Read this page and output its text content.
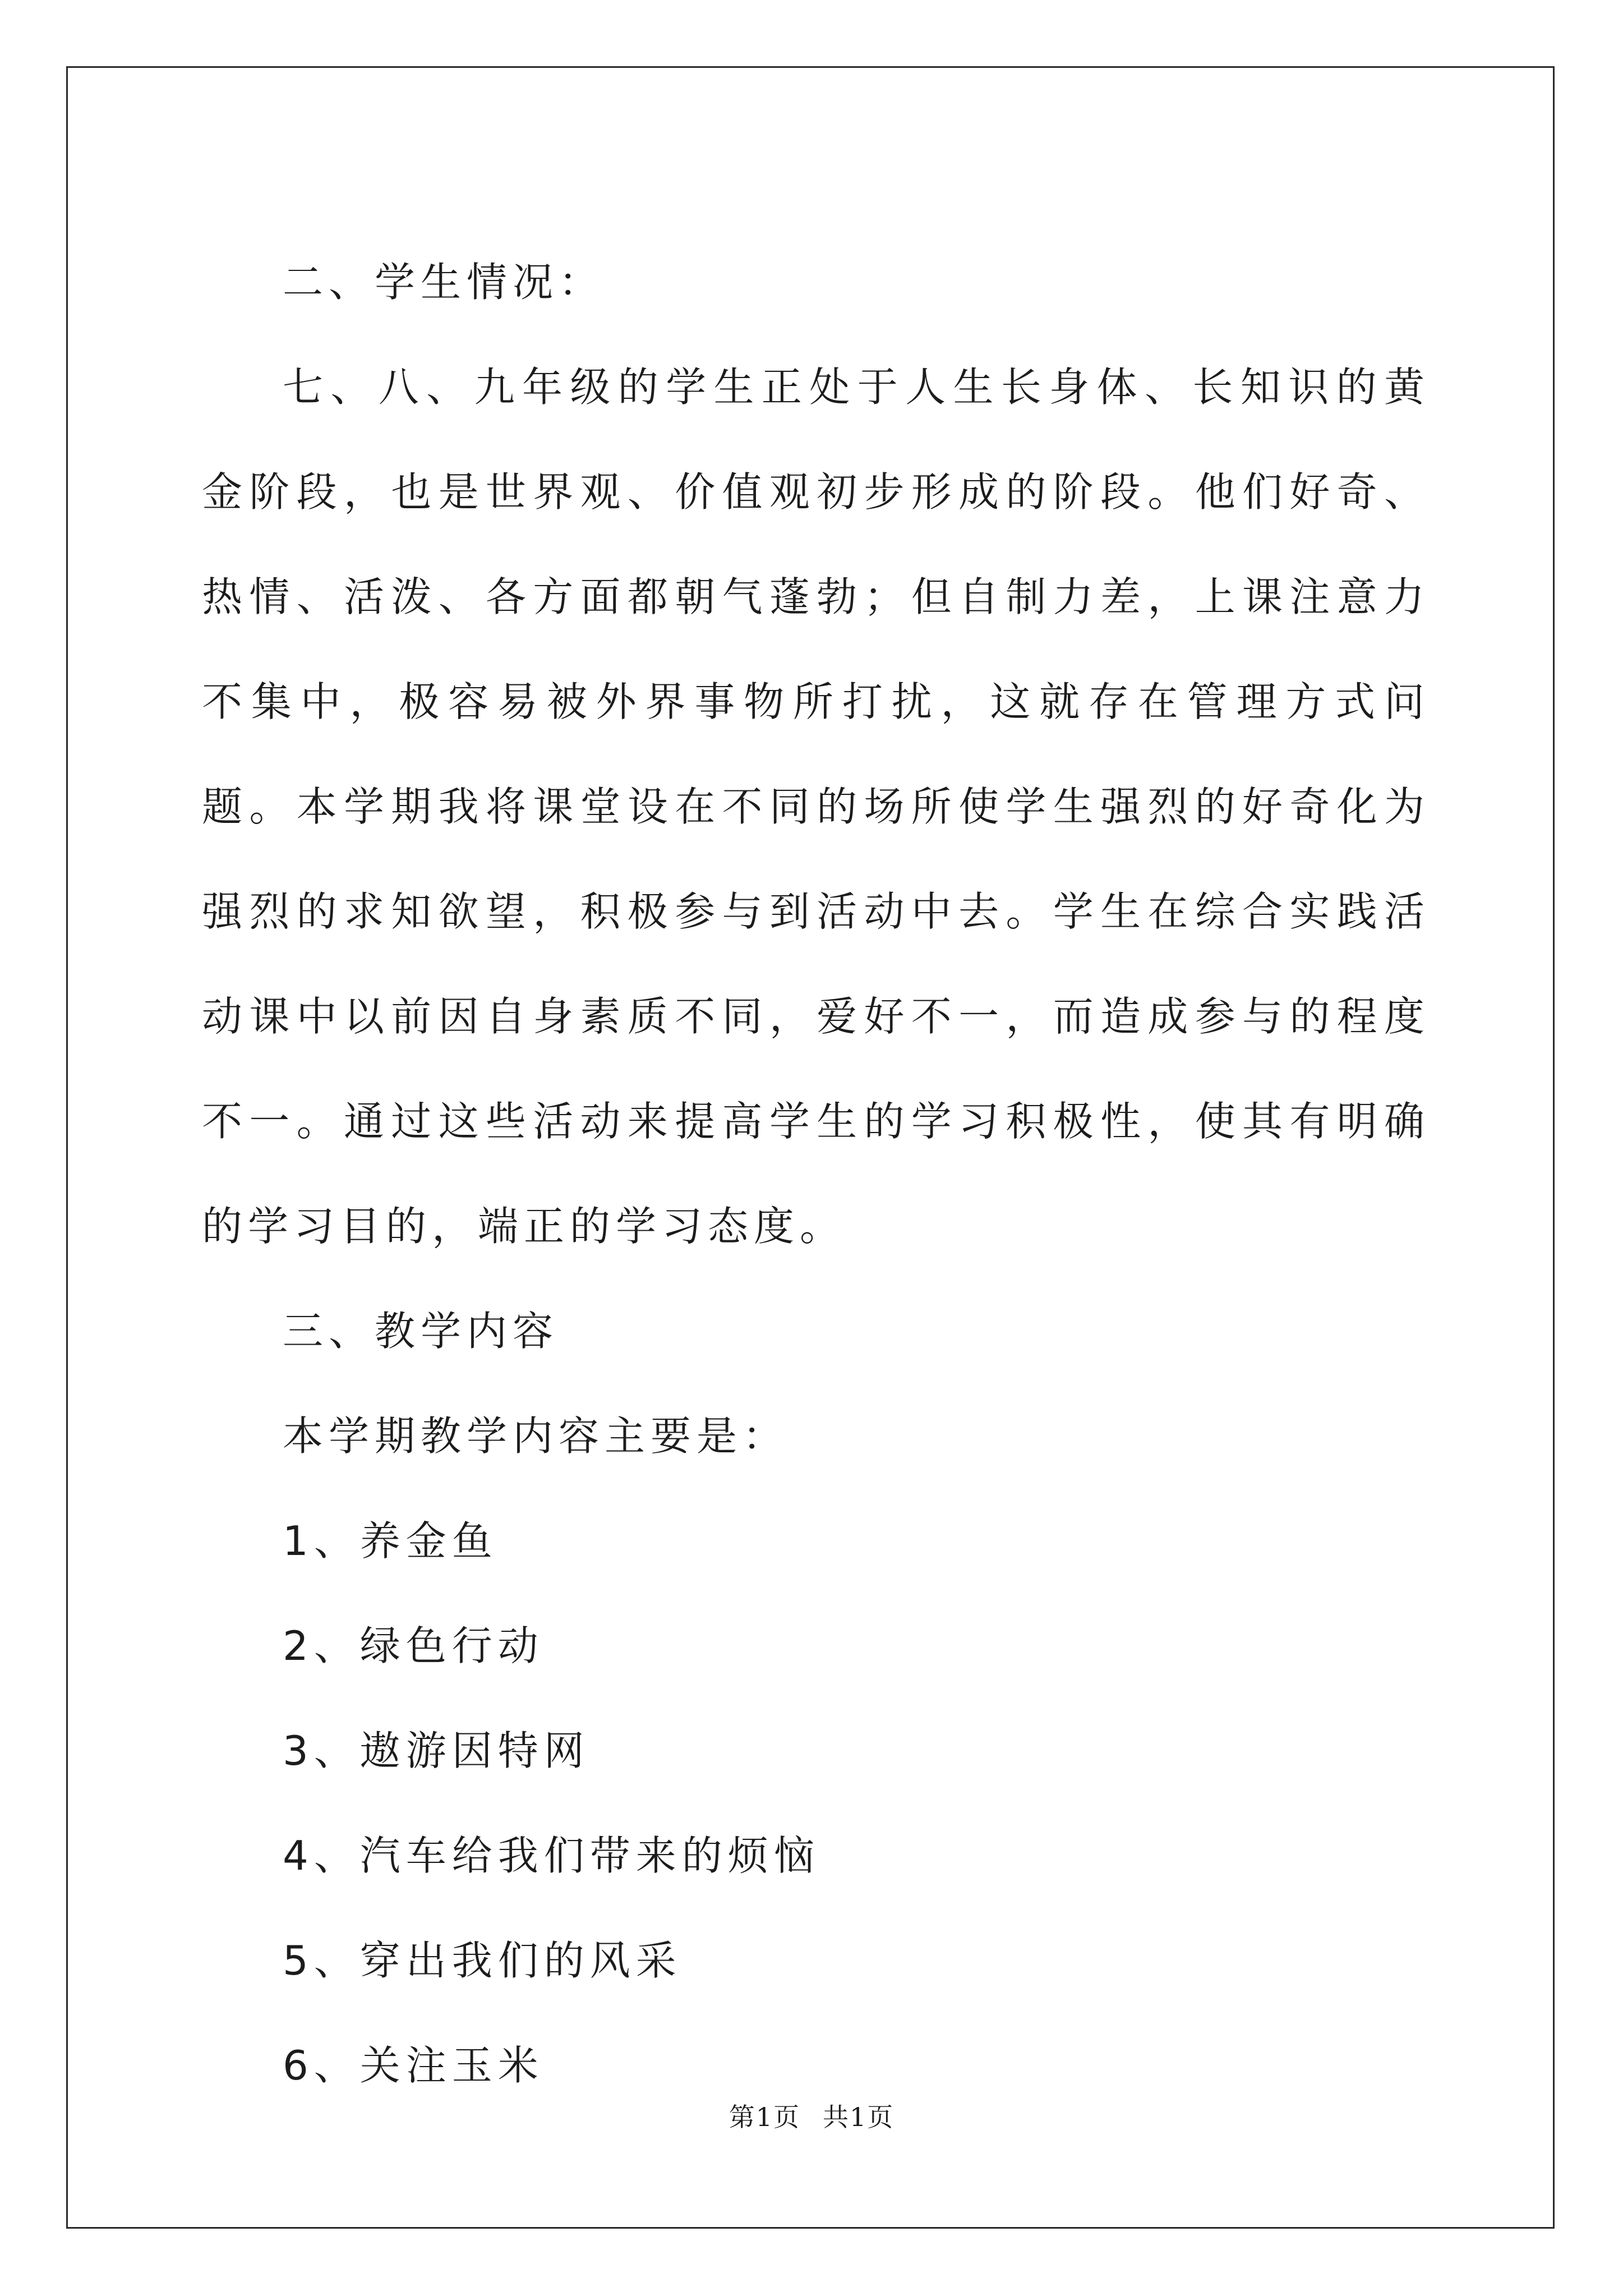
二、学生情况：

七、八、九年级的学生正处于人生长身体、长知识的黄金阶段，也是世界观、价值观初步形成的阶段。他们好奇、热情、活泼、各方面都朝气蓬勃；但自制力差，上课注意力不集中，极容易被外界事物所打扰，这就存在管理方式问题。本学期我将课堂设在不同的场所使学生强烈的好奇化为强烈的求知欲望，积极参与到活动中去。学生在综合实践活动课中以前因自身素质不同，爱好不一，而造成参与的程度不一。通过这些活动来提高学生的学习积极性，使其有明确的学习目的，端正的学习态度。

三、教学内容

本学期教学内容主要是：

1、养金鱼

2、绿色行动

3、遨游因特网

4、汽车给我们带来的烦恼

5、穿出我们的风采

6、关注玉米

第1页 共1页
